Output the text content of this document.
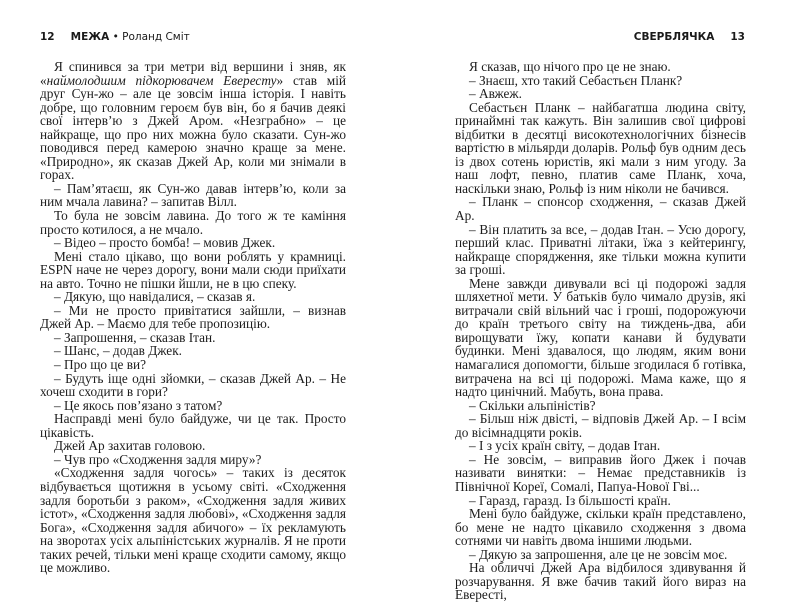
12 МЕЖА • Роланд Сміт

Я спинився за три метри від вершини і зняв, як «наймолодшим підкорювачем Евересту» став мій друг Сун-жо – але це зовсім інша історія. І навіть добре, що головним героєм був він, бо я бачив деякі свої інтерв’ю з Джей Аром. «Незграбно» – це найкраще, що про них можна було сказати. Сун-жо поводився перед камерою значно краще за мене. «Природно», як сказав Джей Ар, коли ми знімали в горах.

– Пам’ятаєш, як Сун-жо давав інтерв’ю, коли за ним мчала лавина? – запитав Вілл.

То була не зовсім лавина. До того ж те каміння просто котилося, а не мчало.

– Відео – просто бомба! – мовив Джек.

Мені стало цікаво, що вони роблять у крамниці. ESPN наче не через дорогу, вони мали сюди приїхати на авто. Точно не пішки йшли, не в цю спеку.

– Дякую, що навідалися, – сказав я.

– Ми не просто привітатися зайшли, – визнав Джей Ар. – Маємо для тебе пропозицію.

– Запрошення, – сказав Ітан.

– Шанс, – додав Джек.

– Про що це ви?

– Будуть іще одні зйомки, – сказав Джей Ар. – Не хочеш сходити в гори?

– Це якось пов’язано з татом?

Насправді мені було байдуже, чи це так. Просто цікавість.

Джей Ар захитав головою.

– Чув про «Сходження задля миру»?

«Сходження задля чогось» – таких із десяток відбувається щотижня в усьому світі. «Сходження задля боротьби з раком», «Сходження задля живих істот», «Сходження задля любові», «Сходження задля Бога», «Сходження задля абичого» – їх рекламують на зворотах усіх альпіністських журналів. Я не проти таких речей, тільки мені краще сходити самому, якщо це можливо.

СВЕРБЛЯЧКА 13

Я сказав, що нічого про це не знаю.

– Знаєш, хто такий Себастьєн Планк?

– Авжеж.

Себастьєн Планк – найбагатша людина світу, принаймні так кажуть. Він залишив свої цифрові відбитки в десятці високотехнологічних бізнесів вартістю в мільярди доларів. Рольф був одним десь із двох сотень юристів, які мали з ним угоду. За наш лофт, певно, платив саме Планк, хоча, наскільки знаю, Рольф із ним ніколи не бачився.

– Планк – спонсор сходження, – сказав Джей Ар.

– Він платить за все, – додав Ітан. – Усю дорогу, перший клас. Приватні літаки, їжа з кейтерингу, найкраще спорядження, яке тільки можна купити за гроші.

Мене завжди дивували всі ці подорожі задля шляхетної мети. У батьків було чимало друзів, які витрачали свій вільний час і гроші, подорожуючи до країн третього світу на тиждень-два, аби вирощувати їжу, копати канави й будувати будинки. Мені здавалося, що людям, яким вони намагалися допомогти, більше згодилася б готівка, витрачена на всі ці подорожі. Мама каже, що я надто цинічний. Мабуть, вона права.

– Скільки альпіністів?

– Більш ніж двісті, – відповів Джей Ар. – І всім до вісімнадцяти років.

– І з усіх країн світу, – додав Ітан.

– Не зовсім, – виправив його Джек і почав називати винятки: – Немає представників із Північної Кореї, Сомалі, Папуа-Нової Гві...

– Гаразд, гаразд. Із більшості країн.

Мені було байдуже, скільки країн представлено, бо мене не надто цікавило сходження з двома сотнями чи навіть двома іншими людьми.

– Дякую за запрошення, але це не зовсім моє.

На обличчі Джей Ара відбилося здивування й розчарування. Я вже бачив такий його вираз на Евересті,
